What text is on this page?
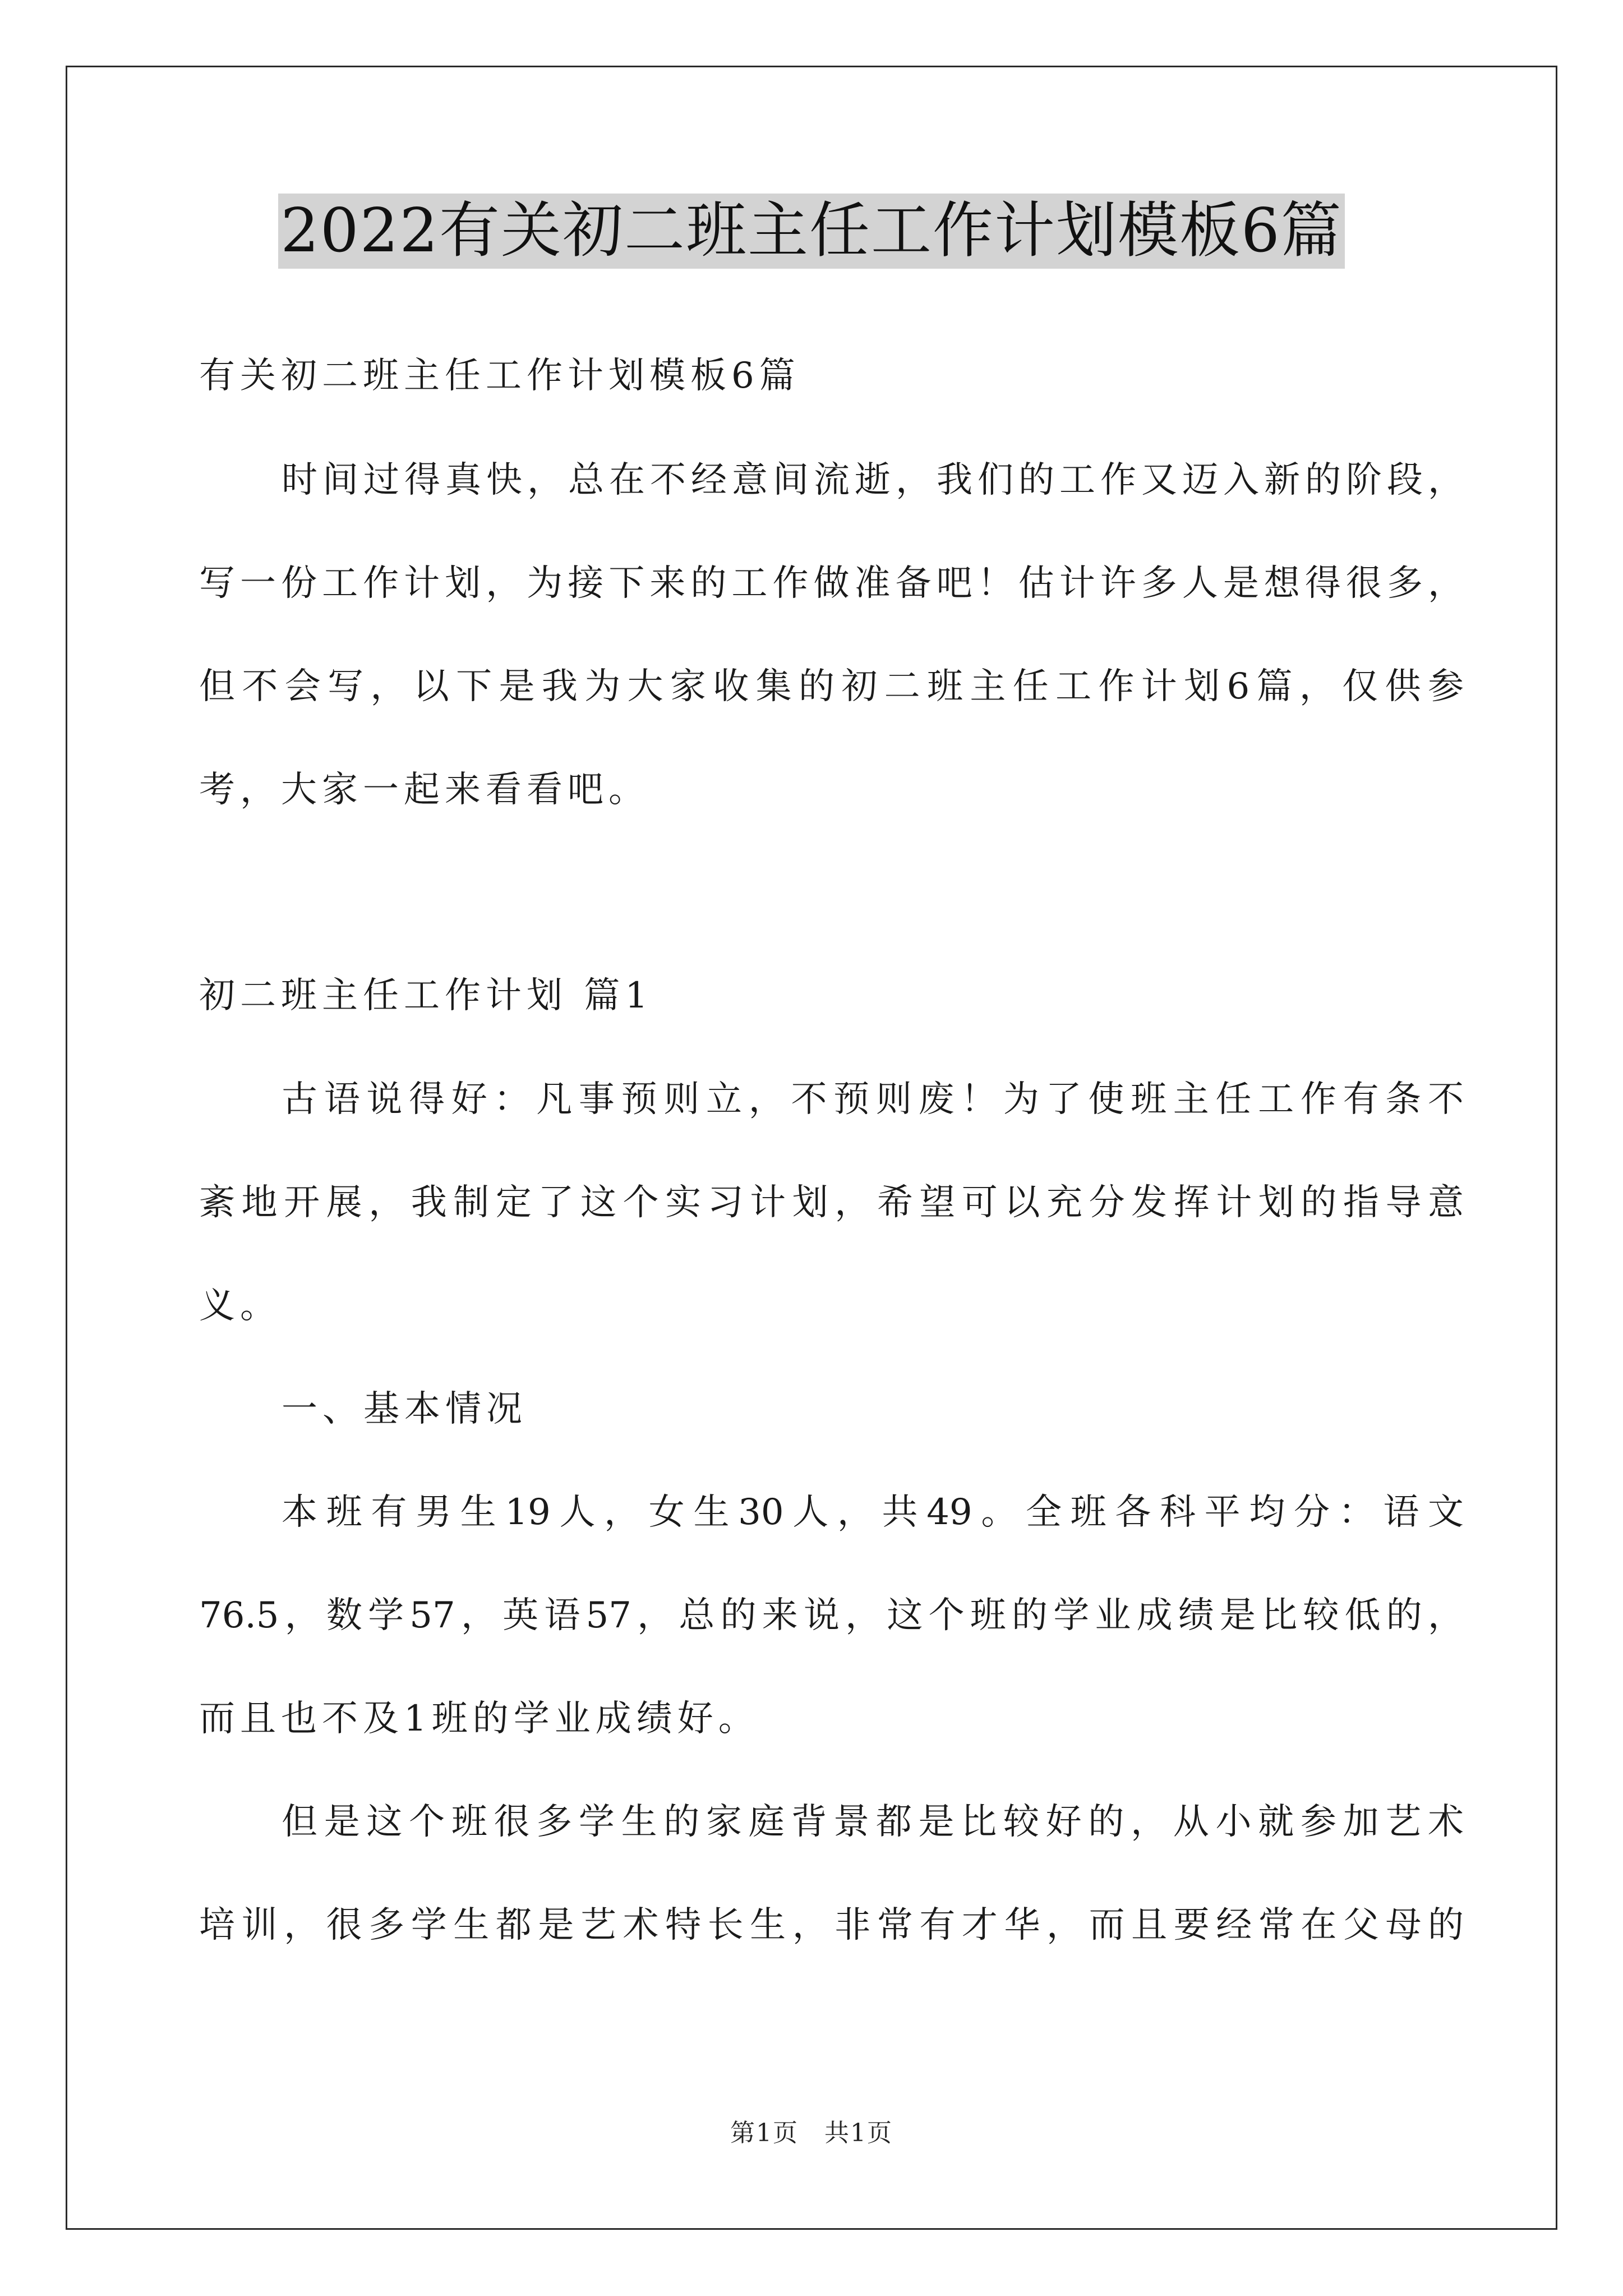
2022有关初二班主任工作计划模板6篇
有关初二班主任工作计划模板6篇
时间过得真快，总在不经意间流逝，我们的工作又迈入新的阶段，
写一份工作计划，为接下来的工作做准备吧！估计许多人是想得很多，
但不会写，以下是我为大家收集的初二班主任工作计划6篇，仅供参
考，大家一起来看看吧。
初二班主任工作计划 篇1
古语说得好：凡事预则立，不预则废！为了使班主任工作有条不
紊地开展，我制定了这个实习计划，希望可以充分发挥计划的指导意
义。
一、基本情况
本班有男生19人，女生30人，共49。全班各科平均分：语文
76.5，数学57，英语57，总的来说，这个班的学业成绩是比较低的，
而且也不及1班的学业成绩好。
但是这个班很多学生的家庭背景都是比较好的，从小就参加艺术
培训，很多学生都是艺术特长生，非常有才华，而且要经常在父母的
第1页　共1页
